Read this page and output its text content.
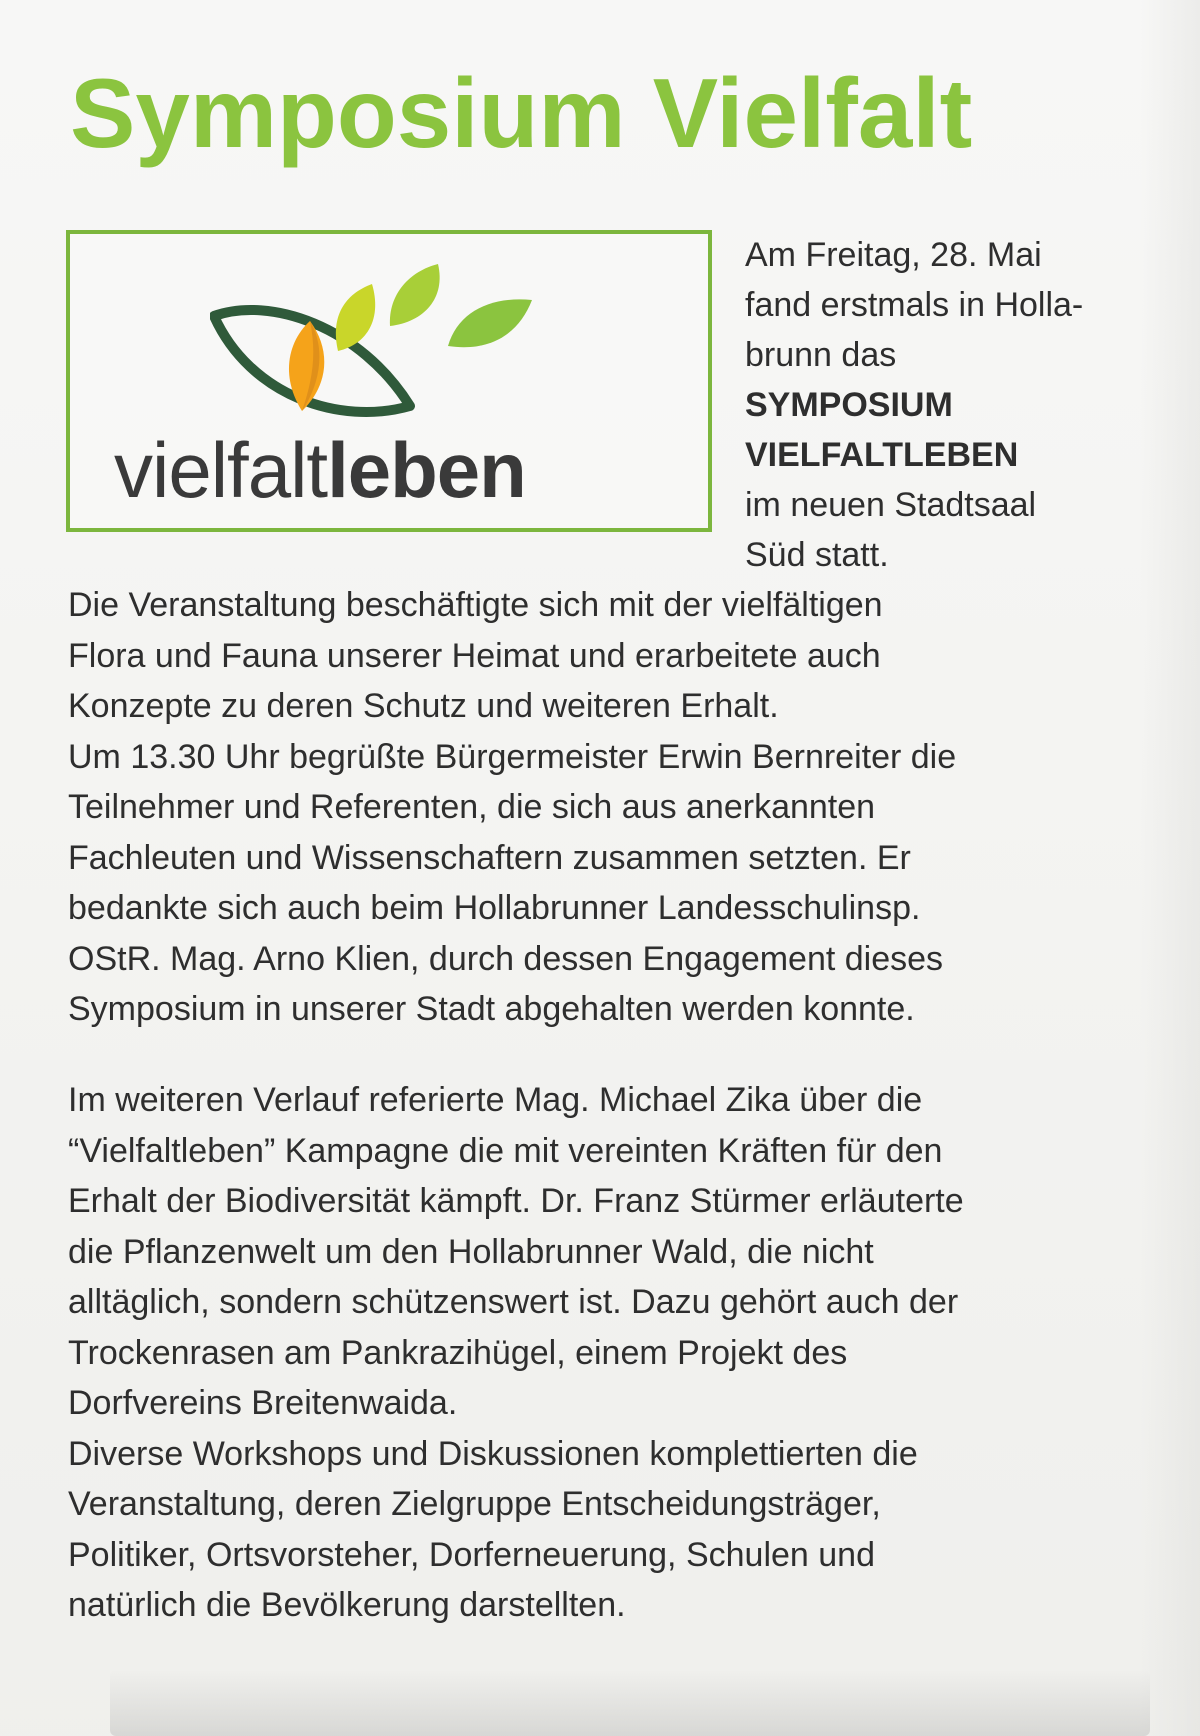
Symposium Vielfalt
vielfaltleben

Am Freitag, 28. Mai
fand erstmals in Holla-
brunn das
SYMPOSIUM
VIELFALTLEBEN
im neuen Stadtsaal
Süd statt.

Die Veranstaltung beschäftigte sich mit der vielfältigen
Flora und Fauna unserer Heimat und erarbeitete auch
Konzepte zu deren Schutz und weiteren Erhalt.
Um 13.30 Uhr begrüßte Bürgermeister Erwin Bernreiter die
Teilnehmer und Referenten, die sich aus anerkannten
Fachleuten und Wissenschaftern zusammen setzten. Er
bedankte sich auch beim Hollabrunner Landesschulinsp.
OStR. Mag. Arno Klien, durch dessen Engagement dieses
Symposium in unserer Stadt abgehalten werden konnte.

Im weiteren Verlauf referierte Mag. Michael Zika über die
“Vielfaltleben” Kampagne die mit vereinten Kräften für den
Erhalt der Biodiversität kämpft. Dr. Franz Stürmer erläuterte
die Pflanzenwelt um den Hollabrunner Wald, die nicht
alltäglich, sondern schützenswert ist. Dazu gehört auch der
Trockenrasen am Pankrazihügel, einem Projekt des
Dorfvereins Breitenwaida.
Diverse Workshops und Diskussionen komplettierten die
Veranstaltung, deren Zielgruppe Entscheidungsträger,
Politiker, Ortsvorsteher, Dorferneuerung, Schulen und
natürlich die Bevölkerung darstellten.
